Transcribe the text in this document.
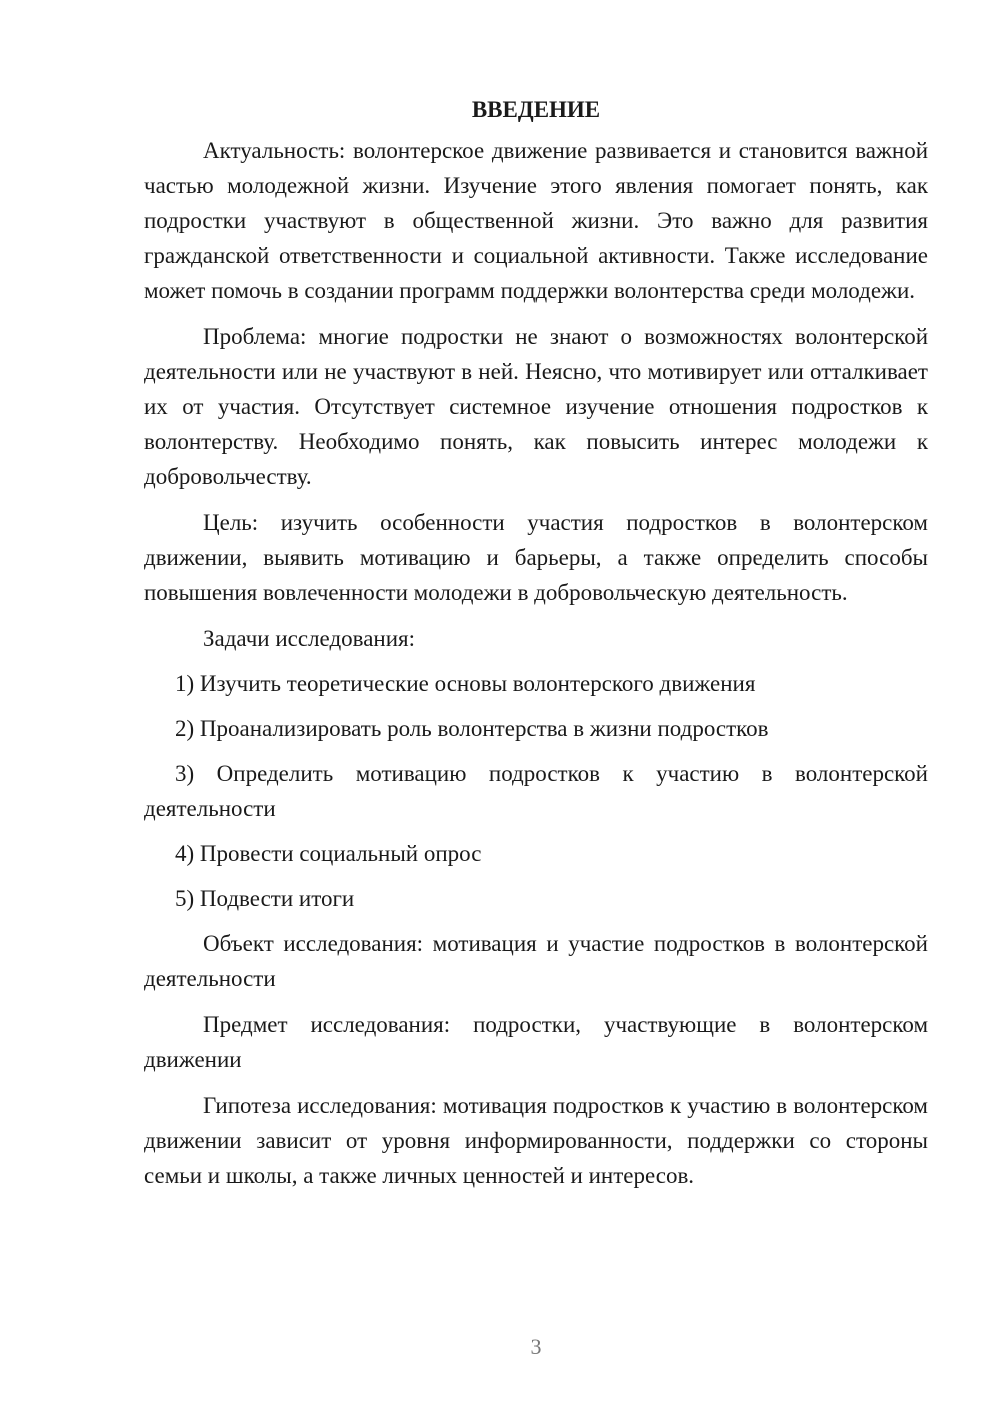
ВВЕДЕНИЕ

Актуальность: волонтерское движение развивается и становится важной частью молодежной жизни. Изучение этого явления помогает понять, как подростки участвуют в общественной жизни. Это важно для развития гражданской ответственности и социальной активности. Также исследование может помочь в создании программ поддержки волонтерства среди молодежи.

Проблема: многие подростки не знают о возможностях волонтерской деятельности или не участвуют в ней. Неясно, что мотивирует или отталкивает их от участия. Отсутствует системное изучение отношения подростков к волонтерству. Необходимо понять, как повысить интерес молодежи к добровольчеству.

Цель: изучить особенности участия подростков в волонтерском движении, выявить мотивацию и барьеры, а также определить способы повышения вовлеченности молодежи в добровольческую деятельность.

Задачи исследования:

1) Изучить теоретические основы волонтерского движения

2) Проанализировать роль волонтерства в жизни подростков

3) Определить мотивацию подростков к участию в волонтерской деятельности

4) Провести социальный опрос

5) Подвести итоги

Объект исследования: мотивация и участие подростков в волонтерской деятельности

Предмет исследования: подростки, участвующие в волонтерском движении

Гипотеза исследования: мотивация подростков к участию в волонтерском движении зависит от уровня информированности, поддержки со стороны семьи и школы, а также личных ценностей и интересов.

3
